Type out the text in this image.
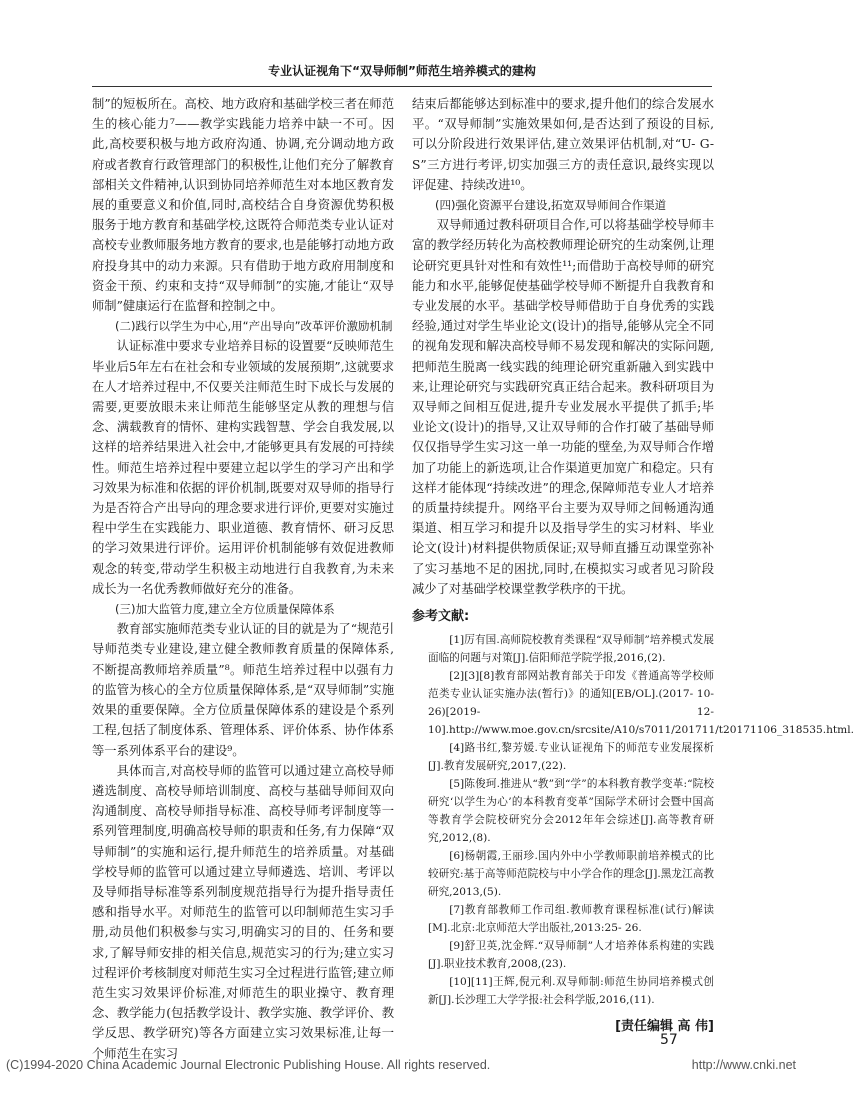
专业认证视角下“双导师制”师范生培养模式的建构

制”的短板所在。高校、地方政府和基础学校三者在师范生的核心能力⁷——教学实践能力培养中缺一不可。因此,高校要积极与地方政府沟通、协调,充分调动地方政府或者教育行政管理部门的积极性,让他们充分了解教育部相关文件精神,认识到协同培养师范生对本地区教育发展的重要意义和价值,同时,高校结合自身资源优势积极服务于地方教育和基础学校,这既符合师范类专业认证对高校专业教师服务地方教育的要求,也是能够打动地方政府投身其中的动力来源。只有借助于地方政府用制度和资金干预、约束和支持“双导师制”的实施,才能让“双导师制”健康运行在监督和控制之中。

(二)践行以学生为中心,用“产出导向”改革评价激励机制

认证标准中要求专业培养目标的设置要“反映师范生毕业后5年左右在社会和专业领域的发展预期”,这就要求在人才培养过程中,不仅要关注师范生时下成长与发展的需要,更要放眼未来让师范生能够坚定从教的理想与信念、满载教育的情怀、建构实践智慧、学会自我发展,以这样的培养结果进入社会中,才能够更具有发展的可持续性。师范生培养过程中要建立起以学生的学习产出和学习效果为标准和依据的评价机制,既要对双导师的指导行为是否符合产出导向的理念要求进行评价,更要对实施过程中学生在实践能力、职业道德、教育情怀、研习反思的学习效果进行评价。运用评价机制能够有效促进教师观念的转变,带动学生积极主动地进行自我教育,为未来成长为一名优秀教师做好充分的准备。

(三)加大监管力度,建立全方位质量保障体系

教育部实施师范类专业认证的目的就是为了“规范引导师范类专业建设,建立健全教师教育质量的保障体系,不断提高教师培养质量”⁸。师范生培养过程中以强有力的监管为核心的全方位质量保障体系,是“双导师制”实施效果的重要保障。全方位质量保障体系的建设是个系列工程,包括了制度体系、管理体系、评价体系、协作体系等一系列体系平台的建设⁹。

具体而言,对高校导师的监管可以通过建立高校导师遴选制度、高校导师培训制度、高校与基础导师间双向沟通制度、高校导师指导标准、高校导师考评制度等一系列管理制度,明确高校导师的职责和任务,有力保障“双导师制”的实施和运行,提升师范生的培养质量。对基础学校导师的监管可以通过建立导师遴选、培训、考评以及导师指导标准等系列制度规范指导行为提升指导责任感和指导水平。对师范生的监管可以印制师范生实习手册,动员他们积极参与实习,明确实习的目的、任务和要求,了解导师安排的相关信息,规范实习的行为;建立实习过程评价考核制度对师范生实习全过程进行监管;建立师范生实习效果评价标准,对师范生的职业操守、教育理念、教学能力(包括教学设计、教学实施、教学评价、教学反思、教学研究)等各方面建立实习效果标准,让每一个师范生在实习

结束后都能够达到标准中的要求,提升他们的综合发展水平。“双导师制”实施效果如何,是否达到了预设的目标,可以分阶段进行效果评估,建立效果评估机制,对“U- G- S”三方进行考评,切实加强三方的责任意识,最终实现以评促建、持续改进¹⁰。

(四)强化资源平台建设,拓宽双导师间合作渠道

双导师通过教科研项目合作,可以将基础学校导师丰富的教学经历转化为高校教师理论研究的生动案例,让理论研究更具针对性和有效性¹¹;而借助于高校导师的研究能力和水平,能够促使基础学校导师不断提升自我教育和专业发展的水平。基础学校导师借助于自身优秀的实践经验,通过对学生毕业论文(设计)的指导,能够从完全不同的视角发现和解决高校导师不易发现和解决的实际问题,把师范生脱离一线实践的纯理论研究重新融入到实践中来,让理论研究与实践研究真正结合起来。教科研项目为双导师之间相互促进,提升专业发展水平提供了抓手;毕业论文(设计)的指导,又让双导师的合作打破了基础导师仅仅指导学生实习这一单一功能的壁垒,为双导师合作增加了功能上的新选项,让合作渠道更加宽广和稳定。只有这样才能体现“持续改进”的理念,保障师范专业人才培养的质量持续提升。网络平台主要为双导师之间畅通沟通渠道、相互学习和提升以及指导学生的实习材料、毕业论文(设计)材料提供物质保证;双导师直播互动课堂弥补了实习基地不足的困扰,同时,在模拟实习或者见习阶段减少了对基础学校课堂教学秩序的干扰。

参考文献:

[1]厉有国.高师院校教育类课程“双导师制”培养模式发展面临的问题与对策[J].信阳师范学院学报,2016,(2).

[2][3][8]教育部网站教育部关于印发《普通高等学校师范类专业认证实施办法(暂行)》的通知[EB/OL].(2017- 10- 26)[2019- 12- 10].http://www.moe.gov.cn/srcsite/A10/s7011/201711/t20171106_318535.html.

[4]路书红,黎芳媛.专业认证视角下的师范专业发展探析[J].教育发展研究,2017,(22).

[5]陈俊珂.推进从“教”到“学”的本科教育教学变革:“院校研究‘以学生为心’的本科教育变革”国际学术研讨会暨中国高等教育学会院校研究分会2012年年会综述[J].高等教育研究,2012,(8).

[6]杨朝霞,王丽珍.国内外中小学教师职前培养模式的比较研究:基于高等师范院校与中小学合作的理念[J].黑龙江高教研究,2013,(5).

[7]教育部教师工作司组.教师教育课程标准(试行)解读[M].北京:北京师范大学出版社,2013:25- 26.

[9]舒卫英,沈金辉.“双导师制”人才培养体系构建的实践[J].职业技术教育,2008,(23).

[10][11]王辉,倪元利.双导师制:师范生协同培养模式创新[J].长沙理工大学学报:社会科学版,2016,(11).

[责任编辑 高 伟]
57
(C)1994-2020 China Academic Journal Electronic Publishing House. All rights reserved.	http://www.cnki.net
